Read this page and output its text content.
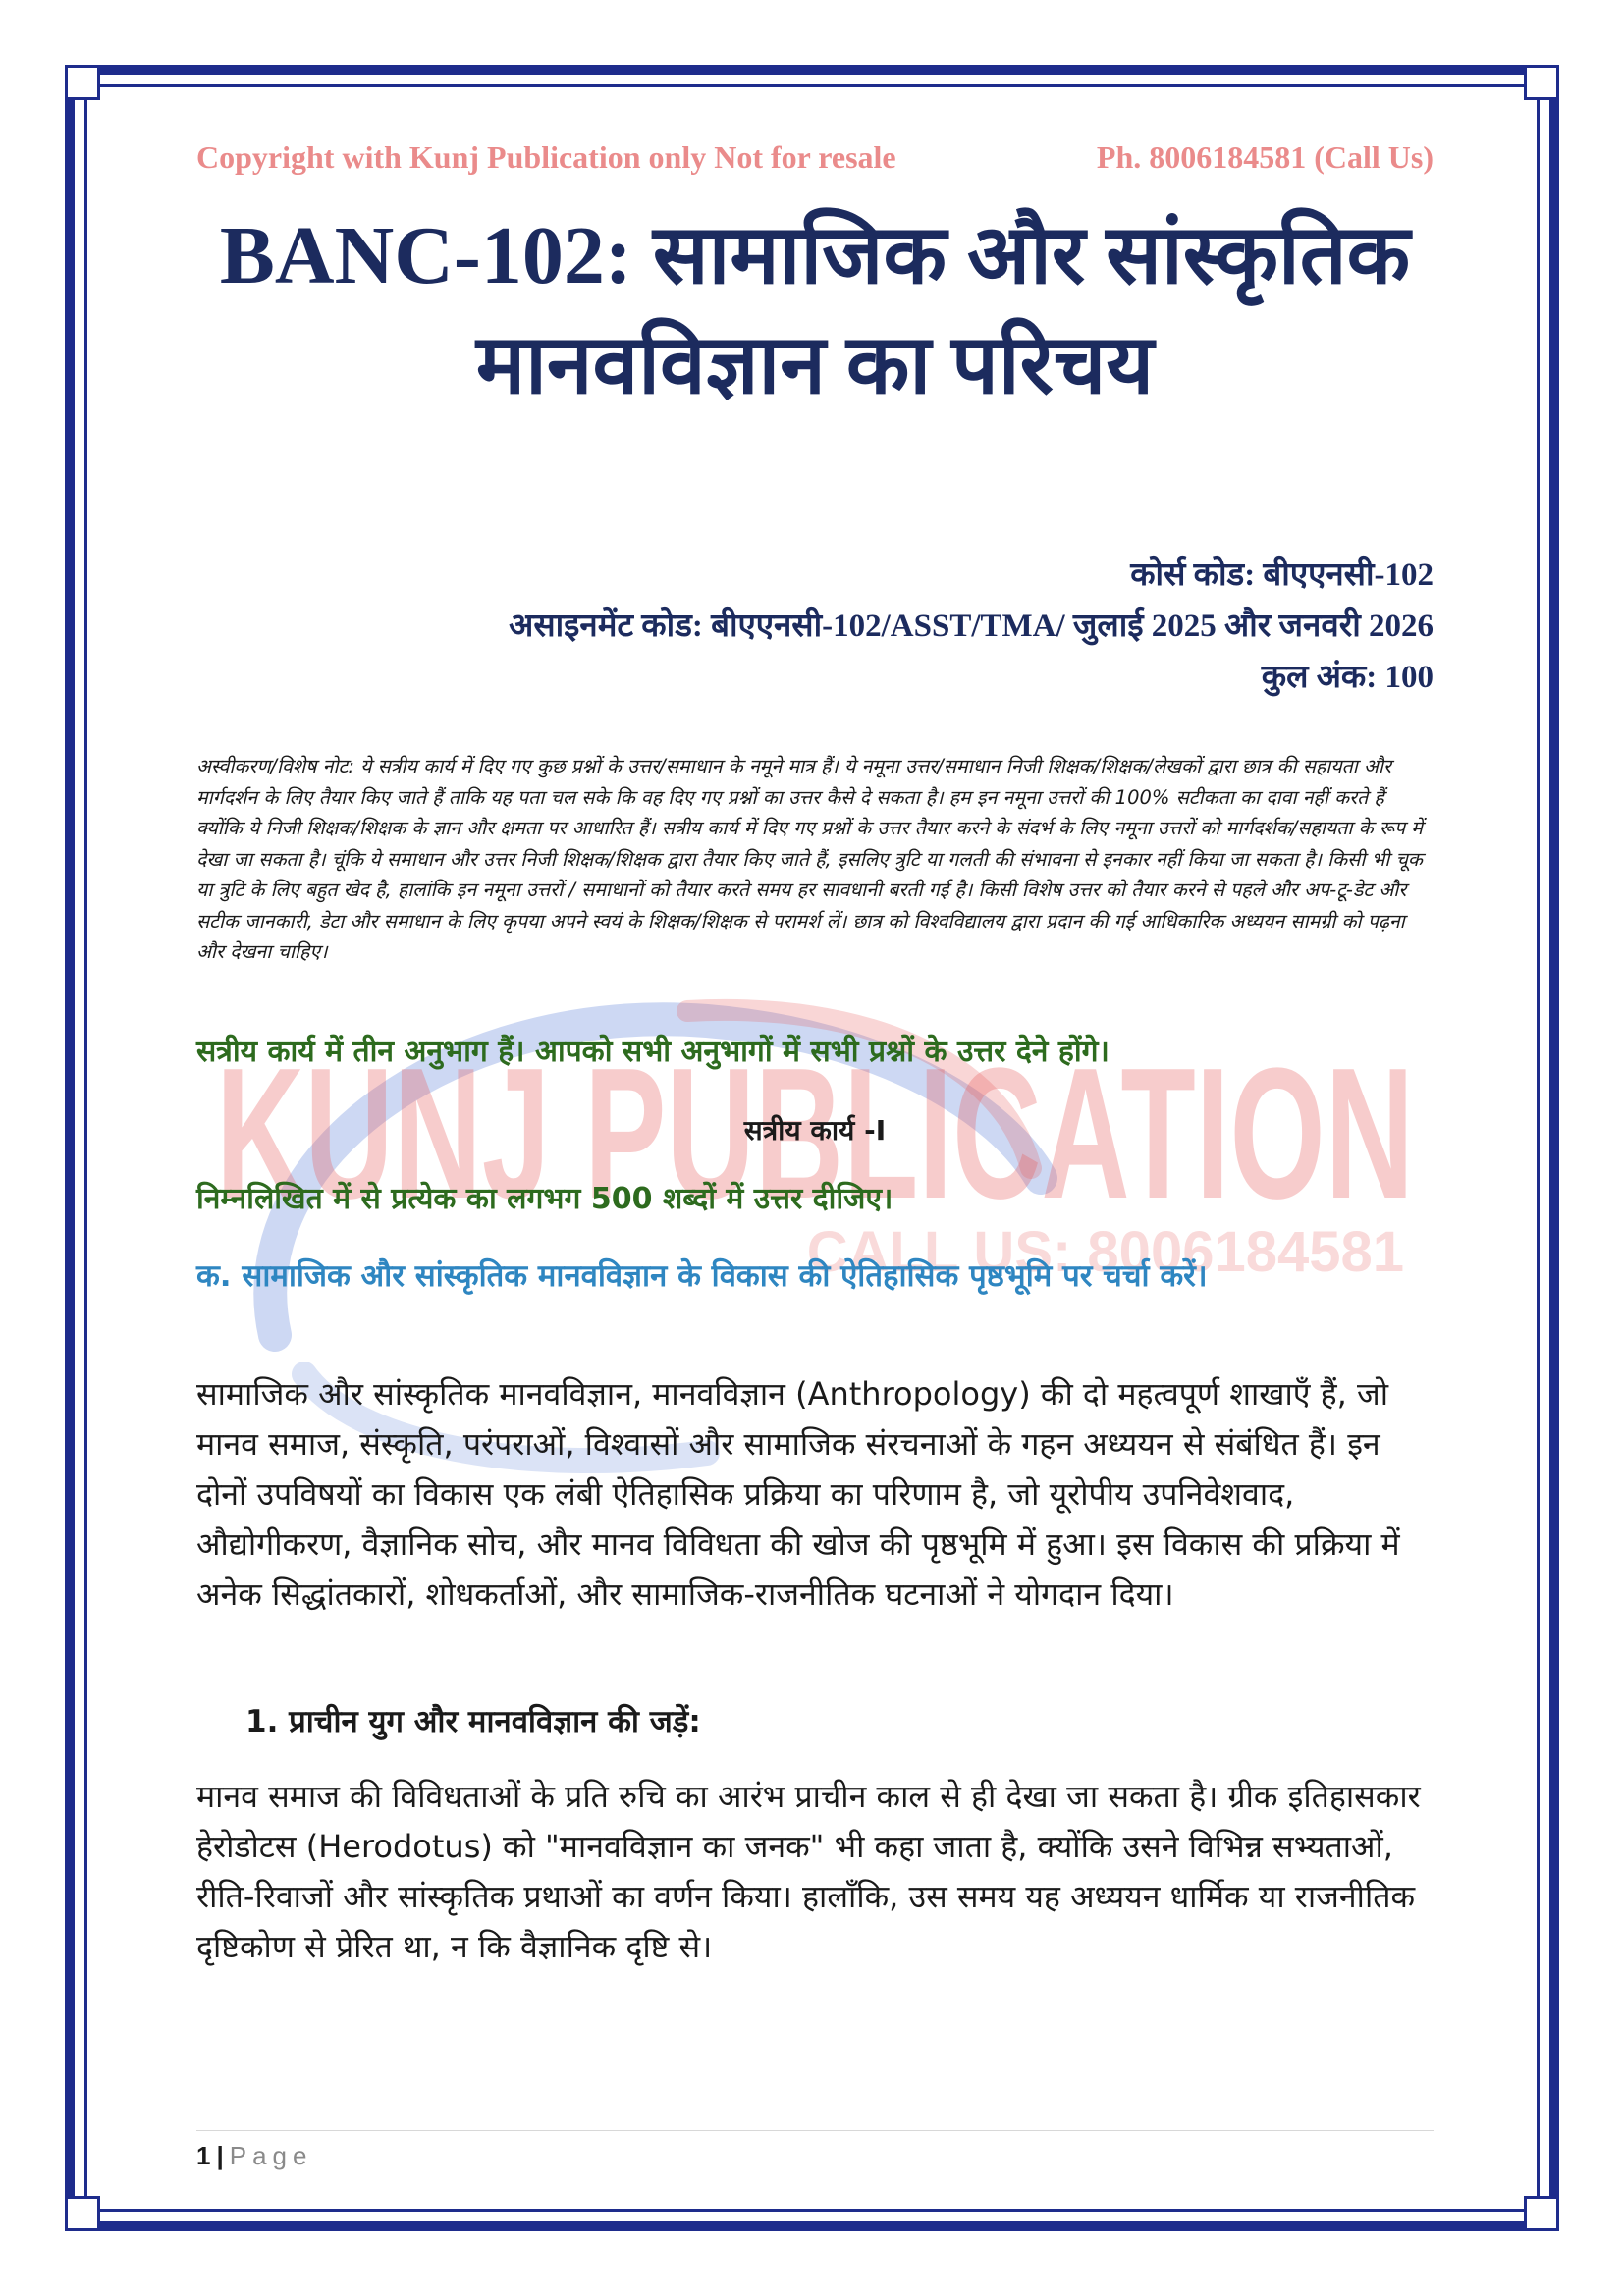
KUNJ PUBLICATION
CALL US: 8006184581
Copyright with Kunj Publication only Not for resale	Ph. 8006184581 (Call Us)
BANC-102: सामाजिक और सांस्कृतिक
मानवविज्ञान का परिचय
कोर्स कोड: बीएएनसी-102
असाइनमेंट कोड: बीएएनसी-102/ASST/TMA/ जुलाई 2025 और जनवरी 2026
कुल अंक: 100
अस्वीकरण/विशेष नोट: ये सत्रीय कार्य में दिए गए कुछ प्रश्नों के उत्तर/समाधान के नमूने मात्र हैं। ये नमूना उत्तर/समाधान निजी शिक्षक/शिक्षक/लेखकों द्वारा छात्र की सहायता और मार्गदर्शन के लिए तैयार किए जाते हैं ताकि यह पता चल सके कि वह दिए गए प्रश्नों का उत्तर कैसे दे सकता है। हम इन नमूना उत्तरों की 100% सटीकता का दावा नहीं करते हैं क्योंकि ये निजी शिक्षक/शिक्षक के ज्ञान और क्षमता पर आधारित हैं। सत्रीय कार्य में दिए गए प्रश्नों के उत्तर तैयार करने के संदर्भ के लिए नमूना उत्तरों को मार्गदर्शक/सहायता के रूप में देखा जा सकता है। चूंकि ये समाधान और उत्तर निजी शिक्षक/शिक्षक द्वारा तैयार किए जाते हैं, इसलिए त्रुटि या गलती की संभावना से इनकार नहीं किया जा सकता है। किसी भी चूक या त्रुटि के लिए बहुत खेद है, हालांकि इन नमूना उत्तरों / समाधानों को तैयार करते समय हर सावधानी बरती गई है। किसी विशेष उत्तर को तैयार करने से पहले और अप-टू-डेट और सटीक जानकारी, डेटा और समाधान के लिए कृपया अपने स्वयं के शिक्षक/शिक्षक से परामर्श लें। छात्र को विश्वविद्यालय द्वारा प्रदान की गई आधिकारिक अध्ययन सामग्री को पढ़ना और देखना चाहिए।
सत्रीय कार्य में तीन अनुभाग हैं। आपको सभी अनुभागों में सभी प्रश्नों के उत्तर देने होंगे।
सत्रीय कार्य -I
निम्नलिखित में से प्रत्येक का लगभग 500 शब्दों में उत्तर दीजिए।
क. सामाजिक और सांस्कृतिक मानवविज्ञान के विकास की ऐतिहासिक पृष्ठभूमि पर चर्चा करें।
सामाजिक और सांस्कृतिक मानवविज्ञान, मानवविज्ञान (Anthropology) की दो महत्वपूर्ण शाखाएँ हैं, जो मानव समाज, संस्कृति, परंपराओं, विश्वासों और सामाजिक संरचनाओं के गहन अध्ययन से संबंधित हैं। इन दोनों उपविषयों का विकास एक लंबी ऐतिहासिक प्रक्रिया का परिणाम है, जो यूरोपीय उपनिवेशवाद, औद्योगीकरण, वैज्ञानिक सोच, और मानव विविधता की खोज की पृष्ठभूमि में हुआ। इस विकास की प्रक्रिया में अनेक सिद्धांतकारों, शोधकर्ताओं, और सामाजिक-राजनीतिक घटनाओं ने योगदान दिया।
1. प्राचीन युग और मानवविज्ञान की जड़ें:
मानव समाज की विविधताओं के प्रति रुचि का आरंभ प्राचीन काल से ही देखा जा सकता है। ग्रीक इतिहासकार हेरोडोटस (Herodotus) को "मानवविज्ञान का जनक" भी कहा जाता है, क्योंकि उसने विभिन्न सभ्यताओं, रीति-रिवाजों और सांस्कृतिक प्रथाओं का वर्णन किया। हालाँकि, उस समय यह अध्ययन धार्मिक या राजनीतिक दृष्टिकोण से प्रेरित था, न कि वैज्ञानिक दृष्टि से।
1 | Page
